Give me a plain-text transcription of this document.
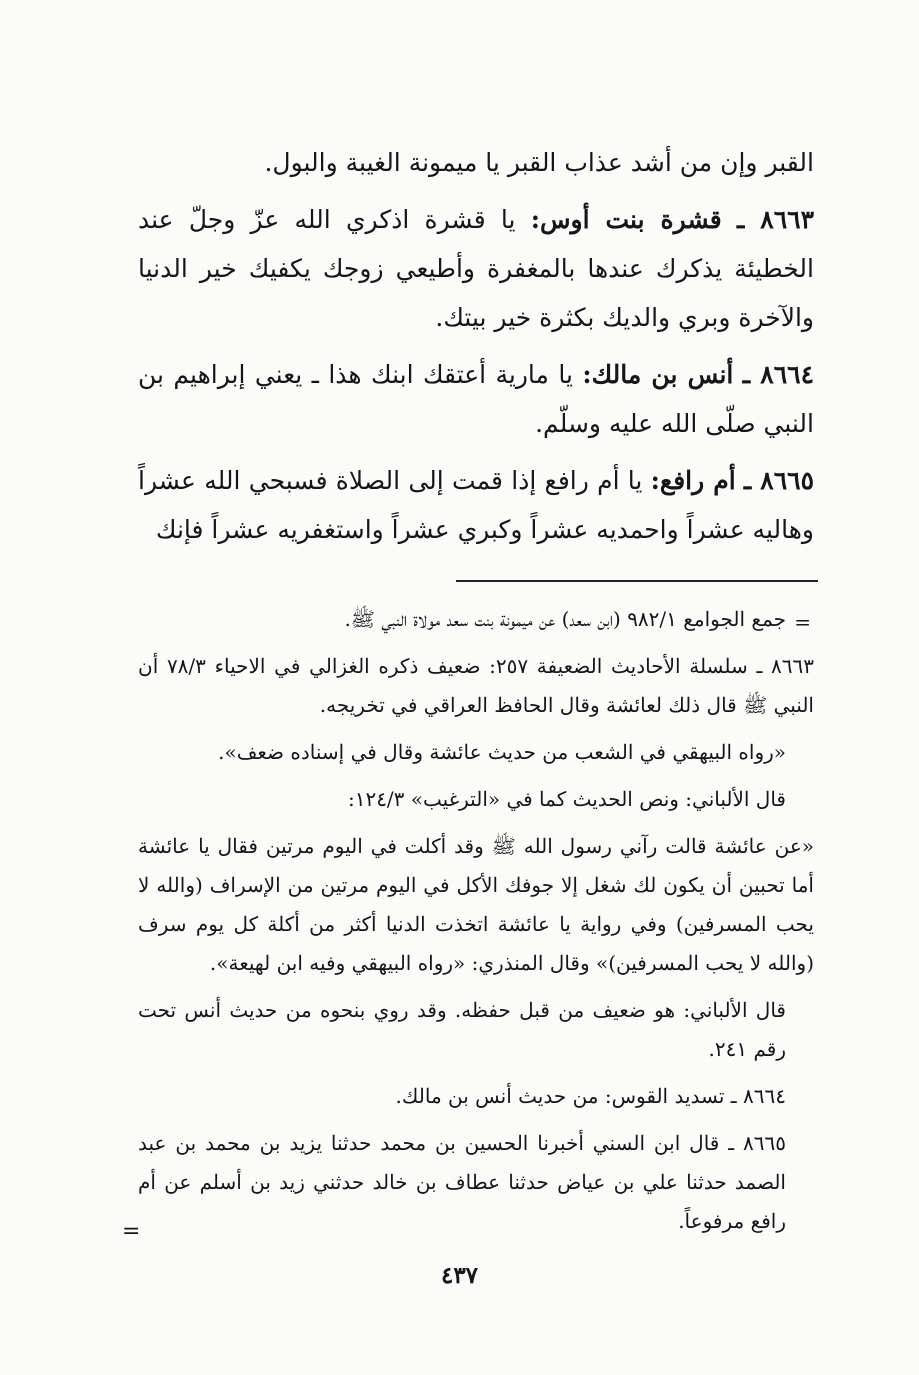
القبر وإن من أشد عذاب القبر يا ميمونة الغيبة والبول.

٨٦٦٣ ـ قشرة بنت أوس: يا قشرة اذكري الله عزّ وجلّ عند الخطيئة يذكرك عندها بالمغفرة وأطيعي زوجك يكفيك خير الدنيا والآخرة وبري والديك بكثرة خير بيتك.

٨٦٦٤ ـ أنس بن مالك: يا مارية أعتقك ابنك هذا ـ يعني إبراهيم بن النبي صلّى الله عليه وسلّم.

٨٦٦٥ ـ أم رافع: يا أم رافع إذا قمت إلى الصلاة فسبحي الله عشراً وهاليه عشراً واحمديه عشراً وكبري عشراً واستغفريه عشراً فإنك

=

جمع الجوامع ٩٨٢/١ (ابن سعد) عن ميمونة بنت سعد مولاة النبي ﷺ.

٨٦٦٣ ـ سلسلة الأحاديث الضعيفة ٢٥٧: ضعيف ذكره الغزالي في الاحياء ٧٨/٣ أن النبي ﷺ قال ذلك لعائشة وقال الحافظ العراقي في تخريجه.

«رواه البيهقي في الشعب من حديث عائشة وقال في إسناده ضعف».

قال الألباني: ونص الحديث كما في «الترغيب» ١٢٤/٣:

«عن عائشة قالت رآني رسول الله ﷺ وقد أكلت في اليوم مرتين فقال يا عائشة أما تحبين أن يكون لك شغل إلا جوفك الأكل في اليوم مرتين من الإسراف (والله لا يحب المسرفين) وفي رواية يا عائشة اتخذت الدنيا أكثر من أكلة كل يوم سرف (والله لا يحب المسرفين)» وقال المنذري: «رواه البيهقي وفيه ابن لهيعة».

قال الألباني: هو ضعيف من قبل حفظه. وقد روي بنحوه من حديث أنس تحت رقم ٢٤١.

٨٦٦٤ ـ تسديد القوس: من حديث أنس بن مالك.

٨٦٦٥ ـ قال ابن السني أخبرنا الحسين بن محمد حدثنا يزيد بن محمد بن عبد الصمد حدثنا علي بن عياض حدثنا عطاف بن خالد حدثني زيد بن أسلم عن أم رافع مرفوعاً.

=
٤٣٧
